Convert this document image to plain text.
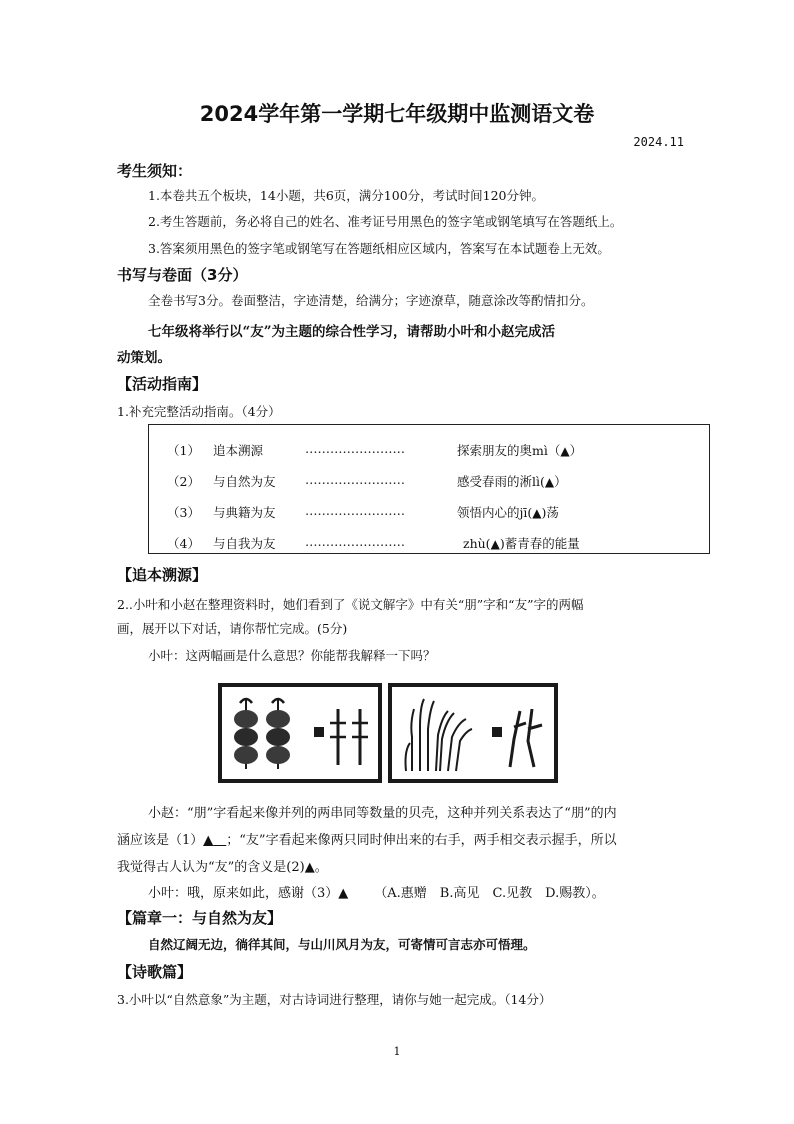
2024学年第一学期七年级期中监测语文卷
2024.11
考生须知：
1.本卷共五个板块，14小题，共6页，满分100分，考试时间120分钟。
2.考生答题前，务必将自己的姓名、准考证号用黑色的签字笔或钢笔填写在答题纸上。
3.答案须用黑色的签字笔或钢笔写在答题纸相应区域内，答案写在本试题卷上无效。
书写与卷面（3分）
全卷书写3分。卷面整洁，字迹清楚，给满分；字迹潦草，随意涂改等酌情扣分。
七年级将举行以“友”为主题的综合性学习，请帮助小叶和小赵完成活
动策划。
【活动指南】
1.补充完整活动指南。（4分）
（1） 追本溯源	……………………	探索朋友的奥mì（▲）
（2） 与自然为友 ……………………	感受春雨的淅lì(▲）
（3） 与典籍为友 ……………………	领悟内心的jī(▲)荡
（4） 与自我为友 ……………………	zhù(▲)蓄青春的能量
【追本溯源】
2..小叶和小赵在整理资料时，她们看到了《说文解字》中有关“朋”字和“友”字的两幅
画，展开以下对话，请你帮忙完成。(5分)
小叶：这两幅画是什么意思？你能帮我解释一下吗？
小赵：“朋”字看起来像并列的两串同等数量的贝壳，这种并列关系表达了“朋”的内
涵应该是（1）▲   ；“友”字看起来像两只同时伸出来的右手，两手相交表示握手，所以
我觉得古人认为“友”的含义是(2)▲。
小叶：哦，原来如此，感谢（3）▲   （A.惠赠　B.高见　C.见教　D.赐教）。
【篇章一：与自然为友】
自然辽阔无边，徜徉其间，与山川风月为友，可寄情可言志亦可悟理。
【诗歌篇】
3.小叶以“自然意象”为主题，对古诗词进行整理，请你与她一起完成。（14分）
1
